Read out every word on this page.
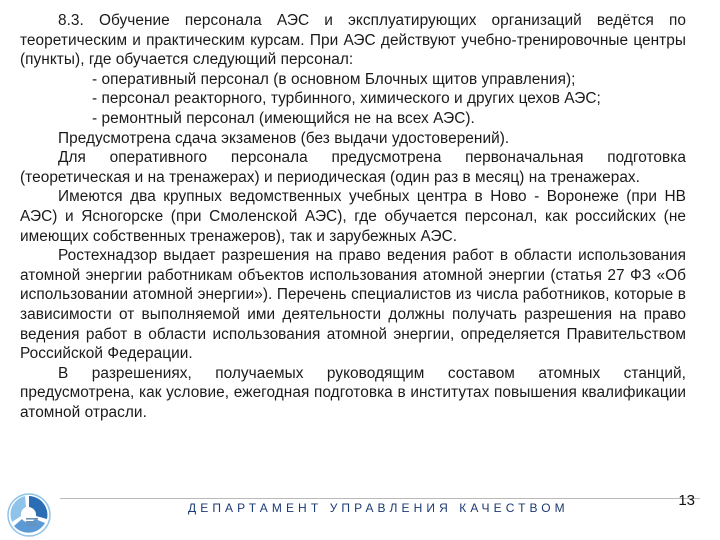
8.3. Обучение персонала АЭС и эксплуатирующих организаций ведётся по теоретическим и практическим курсам. При АЭС действуют учебно-тренировочные центры (пункты), где обучается следующий персонал:

- оперативный персонал (в основном Блочных щитов управления);

- персонал реакторного, турбинного, химического и других цехов АЭС;

- ремонтный персонал (имеющийся не на всех АЭС).

Предусмотрена сдача экзаменов (без выдачи удостоверений).

Для оперативного персонала предусмотрена первоначальная подготовка (теоретическая и на тренажерах) и периодическая (один раз в месяц) на тренажерах.

Имеются два крупных ведомственных учебных центра в Ново - Воронеже (при НВ АЭС) и Ясногорске (при Смоленской АЭС), где обучается персонал, как российских (не имеющих собственных тренажеров), так и зарубежных АЭС.

Ростехнадзор выдает разрешения на право ведения работ в области использования атомной энергии работникам объектов использования атомной энергии (статья 27 ФЗ «Об использовании атомной энергии»). Перечень специалистов из числа работников, которые в зависимости от выполняемой ими деятельности должны получать разрешения на право ведения работ в области использования атомной энергии, определяется Правительством Российской Федерации.

В разрешениях, получаемых руководящим составом атомных станций, предусмотрена, как условие, ежегодная подготовка в институтах повышения квалификации атомной отрасли.

ДЕПАРТАМЕНТ УПРАВЛЕНИЯ КАЧЕСТВОМ	13
